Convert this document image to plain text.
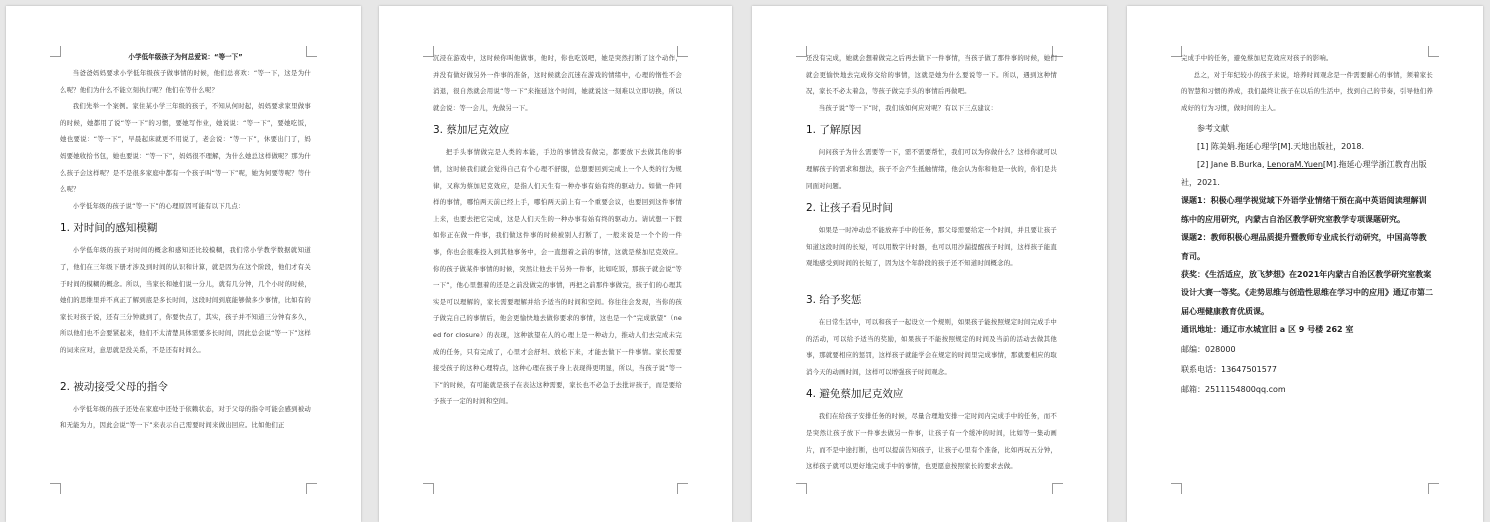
小学低年级孩子为何总爱说：“等一下”

当爸爸妈妈要求小学低年级孩子做事情的时候，他们总喜欢：“等一下，这是为什么呢？他们为什么不能立刻执行呢？他们在等什么呢？

我们先举一个案例。家住某小学三年级的孩子，不知从何时起，妈妈要求家里做事的时候，她都用了说“等一下”的习惯，要她写作业，她说说：“等一下”，要她吃饭，她也要说：“等一下”，早晨起床就更不用说了，老会说：“等一下”，休要出门了，妈妈要她收拾书包，她也要说：“等一下”，妈妈很不理解，为什么她总这样做呢？那为什么孩子会这样呢？是不是很多家庭中都有一个孩子叫“等一下”呢，她为何要等呢？等什么呢？

小学低年级的孩子说“等一下”的心理原因可能有以下几点：

1. 对时间的感知模糊

小学低年级的孩子对时间的概念和感知还比较模糊，我们常小学教学数据就知道了，他们在三年级下册才涉及到时间的认识和计算，就是因为在这个阶段，他们才有关于时间的模糊的概念。所以，当家长和她们说一分儿，就有几分钟，几个小时的时候，她们的思维里并不真正了解到底是多长时间，这段时间到底能够做多少事情，比如有的家长对孩子说，还有三分钟就到了，你要快点了，其实，孩子并不知道三分钟有多久，所以他们也不会要紧起来，他们不太清楚具体需要多长时间，因此总会说“等一下”这样的词来应对，意思就是没关系，不是还有时间么。

2. 被动接受父母的指令

小学低年级的孩子还处在家庭中还处于依赖状态，对于父母的指令可能会感到被动和无能为力，因此会说“等一下”来表示自己需要时间来做出回应。比如他们正

沉浸在游戏中，这时候你叫他做事，他时，你也吃饭吧，她是突然打断了这个动作，并没有做好做另外一件事的准备，这时候就会沉迷在游戏的情绪中，心理的惰性不会消退，很自然就会用说“等一下”来拖延这个时间，她就说这一刻难以立即切换，所以就会说：等一会儿，先做另一下。

3. 蔡加尼克效应

把手头事情做完是人类的本能，手边的事情没有做完，都要放下去做其他的事情，这时候我们就会觉得自己有个心理不舒服，总想要回到完成上一个人类的行为规律，又称为蔡加尼克效应，是指人们天生有一种办事有始有终的驱动力。如做一件同样的事情，哪怕两天前已经上手，哪怕两天前上有一个重要会议，也要回到这件事情上来，也要去把它完成，这是人们天生的一种办事有始有终的驱动力。请试想一下假如你正在做一件事，我们做这件事的时候被别人打断了，一般来说是一个个的一件事，你也会很难投入到其他事务中，会一直想着之前的事情，这就是蔡加尼克效应。你的孩子做某件事情的时候，突然让他去干另外一件事，比如吃饭，那孩子就会说“等一下”，他心里想着的还是之前没做完的事情，再把之前那件事做完，孩子们的心理其实是可以理解的，家长需要理解并给予适当的时间和空间。你往往会发现，当你的孩子做完自己的事情后，他会更愉快地去做你要求的事情，这也是一个“完成欲望”（need for closure）的表现，这种欲望在人的心理上是一种动力，推动人们去完成未完成的任务，只有完成了，心里才会舒坦、放松下来，才能去做下一件事情。家长需要接受孩子的这种心理特点，这种心理在孩子身上表现得更明显，所以，当孩子说“等一下”的时候，有可能就是孩子在表达这种需要，家长也不必急于去批评孩子，而是要给予孩子一定的时间和空间。

还没有完成，她就会想着做完之后再去做下一件事情，当孩子做了那件事的时候，她们就会更愉快地去完成你交给的事情，这就是她为什么要说等一下。所以，遇到这种情况，家长不必太着急，等孩子做完手头的事情后再做吧。

当孩子说“等一下”时，我们该如何应对呢？有以下三点建议：

1. 了解原因

问问孩子为什么需要等一下，需不需要帮忙，我们可以为你做什么？这样你就可以理解孩子的需求和想法，孩子不会产生抵触情绪，他会认为你和他是一伙的，你们是共同面对问题。

2. 让孩子看见时间

如果是一时冲动总不能放弃手中的任务，那父母需要给定一个时间，并且要让孩子知道这段时间的长短，可以用数字计时器，也可以用沙漏提醒孩子时间，这样孩子能直观地感受到时间的长短了，因为这个年龄段的孩子还不知道时间概念的。

3. 给予奖惩

在日常生活中，可以和孩子一起设立一个规则，如果孩子能按照规定时间完成手中的活动，可以给予适当的奖励，如果孩子不能按照规定的时间及当前的活动去做其他事，那就要相应的惩罚，这样孩子就能学会在规定的时间里完成事情，那就要相应的取消今天的动画时间，这样可以增强孩子时间观念。

4. 避免蔡加尼克效应

我们在给孩子安排任务的时候，尽量合理地安排一定时间内完成手中的任务，而不是突然让孩子放下一件事去做另一件事，让孩子有一个缓冲的时间，比如等一集动画片，而不是中途打断，也可以提前告知孩子，让孩子心里有个准备，比如再玩五分钟，这样孩子就可以更好地完成手中的事情，也更愿意按照家长的要求去做。

完成手中的任务，避免蔡加尼克效应对孩子的影响。

总之，对于年纪较小的孩子来说，培养时间观念是一件需要耐心的事情，须着家长的智慧和习惯的养成，我们最终让孩子在以后的生活中，找到自己的节奏，引导他们养成好的行为习惯，做时间的主人。

参考文献

[1] 陈美娟.拖延心理学[M].天地出版社，2018.

[2] Jane B.Burka, LenoraM.Yuen[M].拖延心理学浙江教育出版社，2021.

课题1：积极心理学视觉域下外语学业情绪干预在高中英语阅读理解训练中的应用研究，内蒙古自治区教学研究室教学专项课题研究。

课题2：教师积极心理品质提升暨教师专业成长行动研究，中国高等教育司。

获奖：《生活适应，放飞梦想》在2021年内蒙古自治区教学研究室教案设计大赛一等奖。《走势思维与创造性思维在学习中的应用》通辽市第二届心理健康教育优质课。

通讯地址：通辽市水城宣旧 a 区 9 号楼 262 室

邮编：028000

联系电话：13647501577

邮箱：2511154800qq.com
